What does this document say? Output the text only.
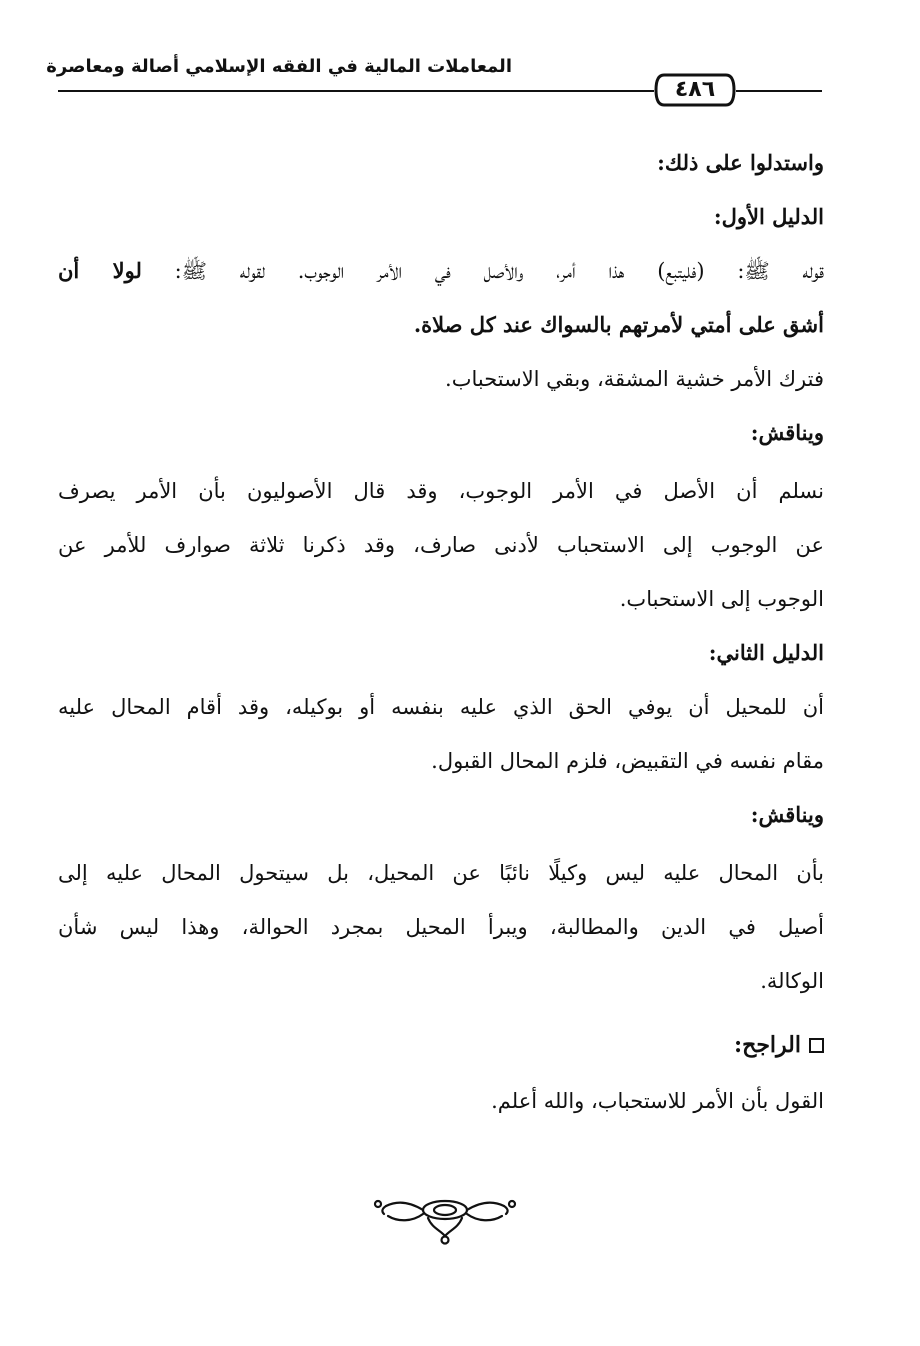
المعاملات المالية في الفقه الإسلامي أصالة ومعاصرة
٤٨٦
واستدلوا على ذلك:
الدليل الأول:
قوله ﷺ: (فليتبع) هذا أمر، والأصل في الأمر الوجوب. لقوله ﷺ: لولا أن
أشق على أمتي لأمرتهم بالسواك عند كل صلاة.
فترك الأمر خشية المشقة، وبقي الاستحباب.
ويناقش:
نسلم أن الأصل في الأمر الوجوب، وقد قال الأصوليون بأن الأمر يصرف
عن الوجوب إلى الاستحباب لأدنى صارف، وقد ذكرنا ثلاثة صوارف للأمر عن
الوجوب إلى الاستحباب.
الدليل الثاني:
أن للمحيل أن يوفي الحق الذي عليه بنفسه أو بوكيله، وقد أقام المحال عليه
مقام نفسه في التقبيض، فلزم المحال القبول.
ويناقش:
بأن المحال عليه ليس وكيلًا نائبًا عن المحيل، بل سيتحول المحال عليه إلى
أصيل في الدين والمطالبة، ويبرأ المحيل بمجرد الحوالة، وهذا ليس شأن
الوكالة.
الراجح:
القول بأن الأمر للاستحباب، والله أعلم.
